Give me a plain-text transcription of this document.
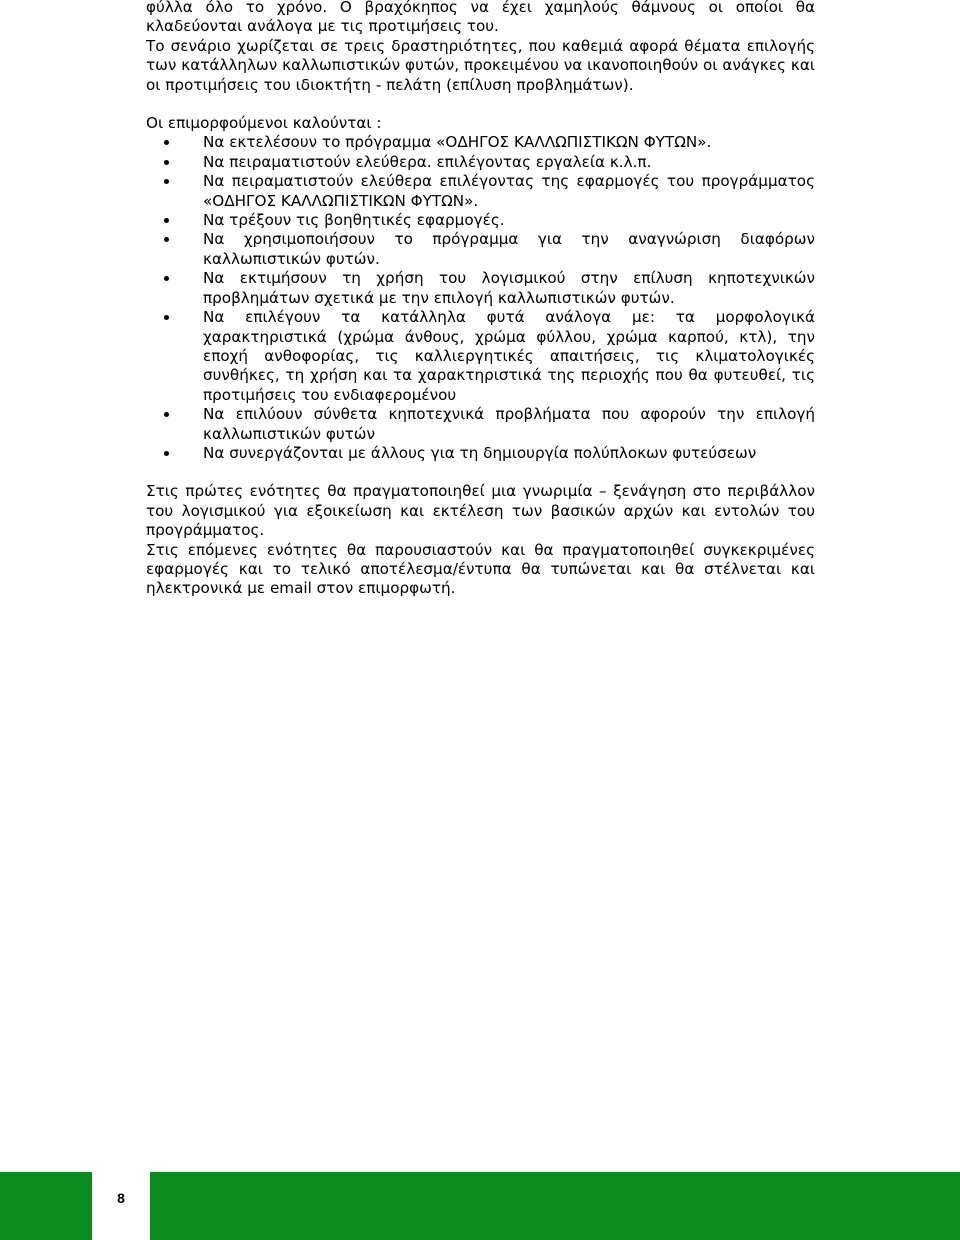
φύλλα όλο το χρόνο. Ο βραχόκηπος να έχει χαμηλούς θάμνους οι οποίοι θα κλαδεύονται ανάλογα με τις προτιμήσεις του.

Το σενάριο χωρίζεται σε τρεις δραστηριότητες, που καθεμιά αφορά θέματα επιλογής των κατάλληλων καλλωπιστικών φυτών, προκειμένου να ικανοποιηθούν οι ανάγκες και οι προτιμήσεις του ιδιοκτήτη - πελάτη (επίλυση προβλημάτων).

Οι επιμορφούμενοι καλούνται :

Να εκτελέσουν το πρόγραμμα «ΟΔΗΓΟΣ ΚΑΛΛΩΠΙΣΤΙΚΩΝ ΦΥΤΩΝ».
Να πειραματιστούν ελεύθερα. επιλέγοντας εργαλεία κ.λ.π.
Να πειραματιστούν ελεύθερα επιλέγοντας της εφαρμογές του προγράμματος «ΟΔΗΓΟΣ ΚΑΛΛΩΠΙΣΤΙΚΩΝ ΦΥΤΩΝ».
Να τρέξουν τις βοηθητικές εφαρμογές.
Να χρησιμοποιήσουν το πρόγραμμα για την αναγνώριση διαφόρων καλλωπιστικών φυτών.
Να εκτιμήσουν τη χρήση του λογισμικού στην επίλυση κηποτεχνικών προβλημάτων σχετικά με την επιλογή καλλωπιστικών φυτών.
Να επιλέγουν τα κατάλληλα φυτά ανάλογα με: τα μορφολογικά χαρακτηριστικά (χρώμα άνθους, χρώμα φύλλου, χρώμα καρπού, κτλ), την εποχή ανθοφορίας, τις καλλιεργητικές απαιτήσεις, τις κλιματολογικές συνθήκες, τη χρήση και τα χαρακτηριστικά της περιοχής που θα φυτευθεί, τις προτιμήσεις του ενδιαφερομένου
Να επιλύουν σύνθετα κηποτεχνικά προβλήματα που αφορούν την επιλογή καλλωπιστικών φυτών
Να συνεργάζονται με άλλους για τη δημιουργία πολύπλοκων φυτεύσεων

Στις πρώτες ενότητες θα πραγματοποιηθεί μια γνωριμία – ξενάγηση στο περιβάλλον του λογισμικού για εξοικείωση και εκτέλεση των βασικών αρχών και εντολών του προγράμματος.

Στις επόμενες ενότητες θα παρουσιαστούν και θα πραγματοποιηθεί συγκεκριμένες εφαρμογές και το τελικό αποτέλεσμα/έντυπα θα τυπώνεται και θα στέλνεται και ηλεκτρονικά με email στον επιμορφωτή.

8
